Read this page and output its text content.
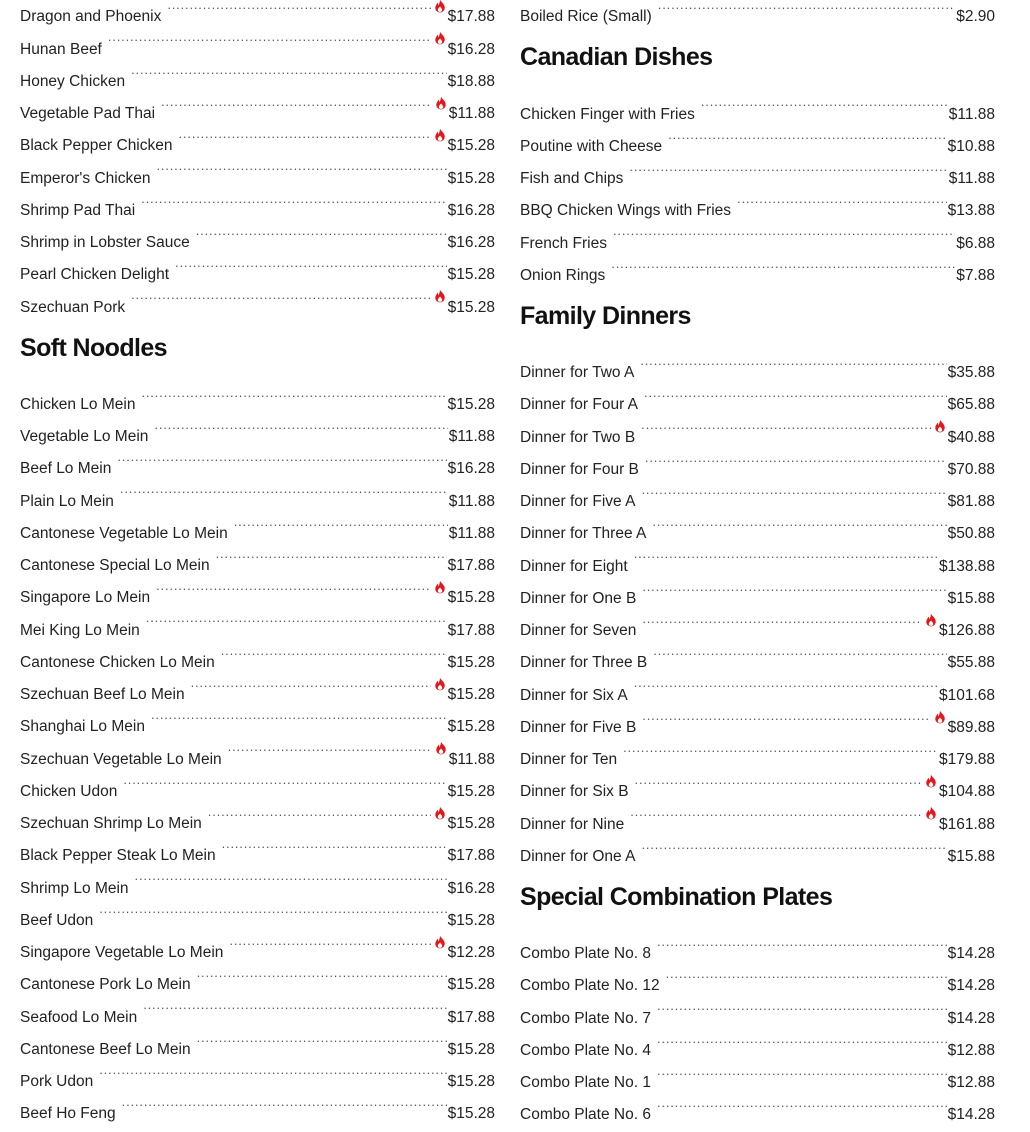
Dragon and Phoenix . . .	$17.88
Hunan Beef . . .	$16.28
Honey Chicken . . .	$18.88
Vegetable Pad Thai . . .	$11.88
Black Pepper Chicken . . .	$15.28
Emperor's Chicken . . .	$15.28
Shrimp Pad Thai . . .	$16.28
Shrimp in Lobster Sauce . . .	$16.28
Pearl Chicken Delight . . .	$15.28
Szechuan Pork . . .	$15.28
Soft Noodles
Chicken Lo Mein . . .	$15.28
Vegetable Lo Mein . . .	$11.88
Beef Lo Mein . . .	$16.28
Plain Lo Mein . . .	$11.88
Cantonese Vegetable Lo Mein . . .	$11.88
Cantonese Special Lo Mein . . .	$17.88
Singapore Lo Mein . . .	$15.28
Mei King Lo Mein . . .	$17.88
Cantonese Chicken Lo Mein . . .	$15.28
Szechuan Beef Lo Mein . . .	$15.28
Shanghai Lo Mein . . .	$15.28
Szechuan Vegetable Lo Mein . . .	$11.88
Chicken Udon . . .	$15.28
Szechuan Shrimp Lo Mein . . .	$15.28
Black Pepper Steak Lo Mein . . .	$17.88
Shrimp Lo Mein . . .	$16.28
Beef Udon . . .	$15.28
Singapore Vegetable Lo Mein . . .	$12.28
Cantonese Pork Lo Mein . . .	$15.28
Seafood Lo Mein . . .	$17.88
Cantonese Beef Lo Mein . . .	$15.28
Pork Udon . . .	$15.28
Beef Ho Feng . . .	$15.28
Boiled Rice (Small) . . .	$2.90
Canadian Dishes
Chicken Finger with Fries . . .	$11.88
Poutine with Cheese . . .	$10.88
Fish and Chips . . .	$11.88
BBQ Chicken Wings with Fries . . .	$13.88
French Fries . . .	$6.88
Onion Rings . . .	$7.88
Family Dinners
Dinner for Two A . . .	$35.88
Dinner for Four A . . .	$65.88
Dinner for Two B . . .	$40.88
Dinner for Four B . . .	$70.88
Dinner for Five A . . .	$81.88
Dinner for Three A . . .	$50.88
Dinner for Eight . . .	$138.88
Dinner for One B . . .	$15.88
Dinner for Seven . . .	$126.88
Dinner for Three B . . .	$55.88
Dinner for Six A . . .	$101.68
Dinner for Five B . . .	$89.88
Dinner for Ten . . .	$179.88
Dinner for Six B . . .	$104.88
Dinner for Nine . . .	$161.88
Dinner for One A . . .	$15.88
Special Combination Plates
Combo Plate No. 8 . . .	$14.28
Combo Plate No. 12 . . .	$14.28
Combo Plate No. 7 . . .	$14.28
Combo Plate No. 4 . . .	$12.88
Combo Plate No. 1 . . .	$12.88
Combo Plate No. 6 . . .	$14.28
